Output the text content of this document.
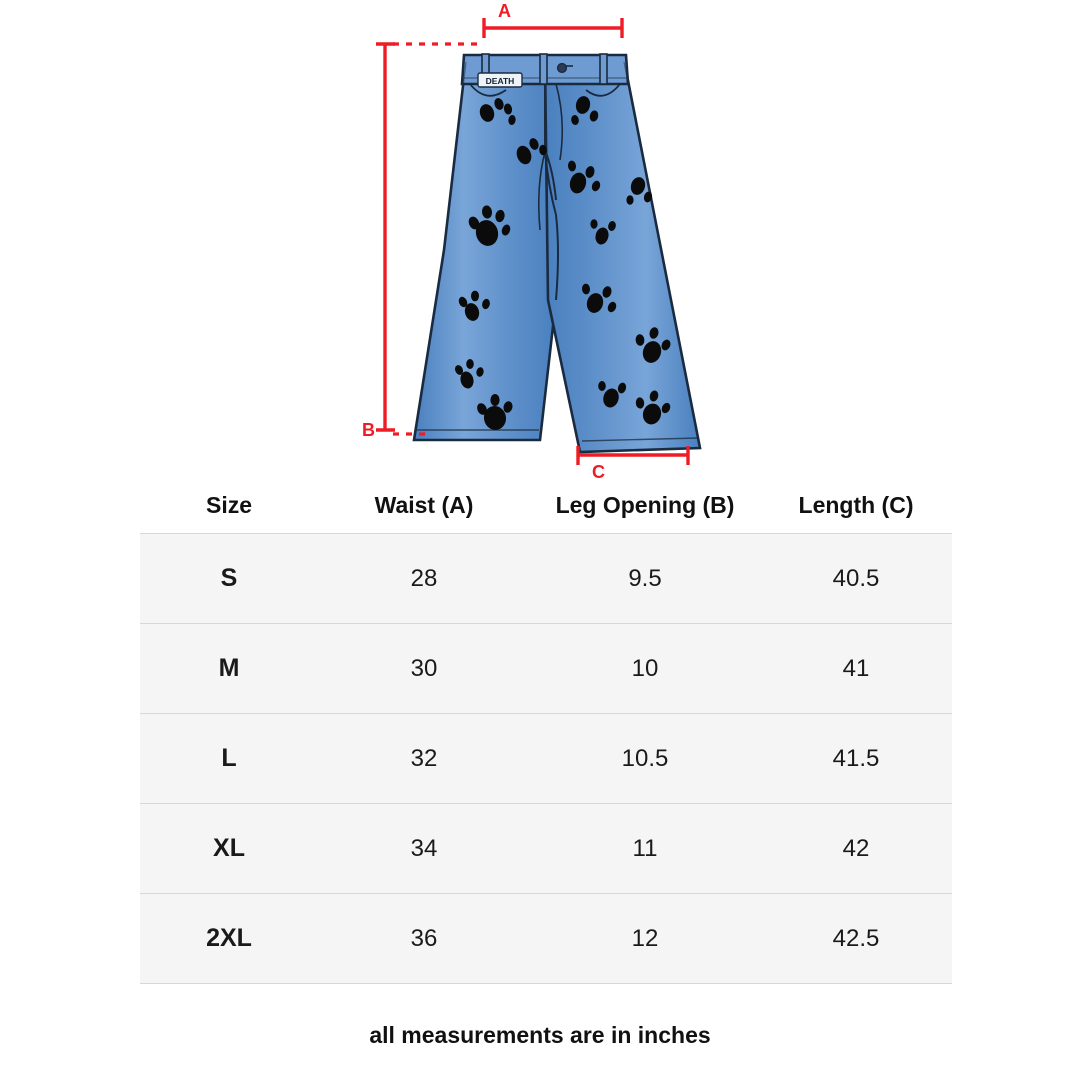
DEATH
A
B
C
Size	Waist (A)	Leg Opening (B)	Length (C)
S	28	9.5	40.5
M	30	10	41
L	32	10.5	41.5
XL	34	11	42
2XL	36	12	42.5
all measurements are in inches
